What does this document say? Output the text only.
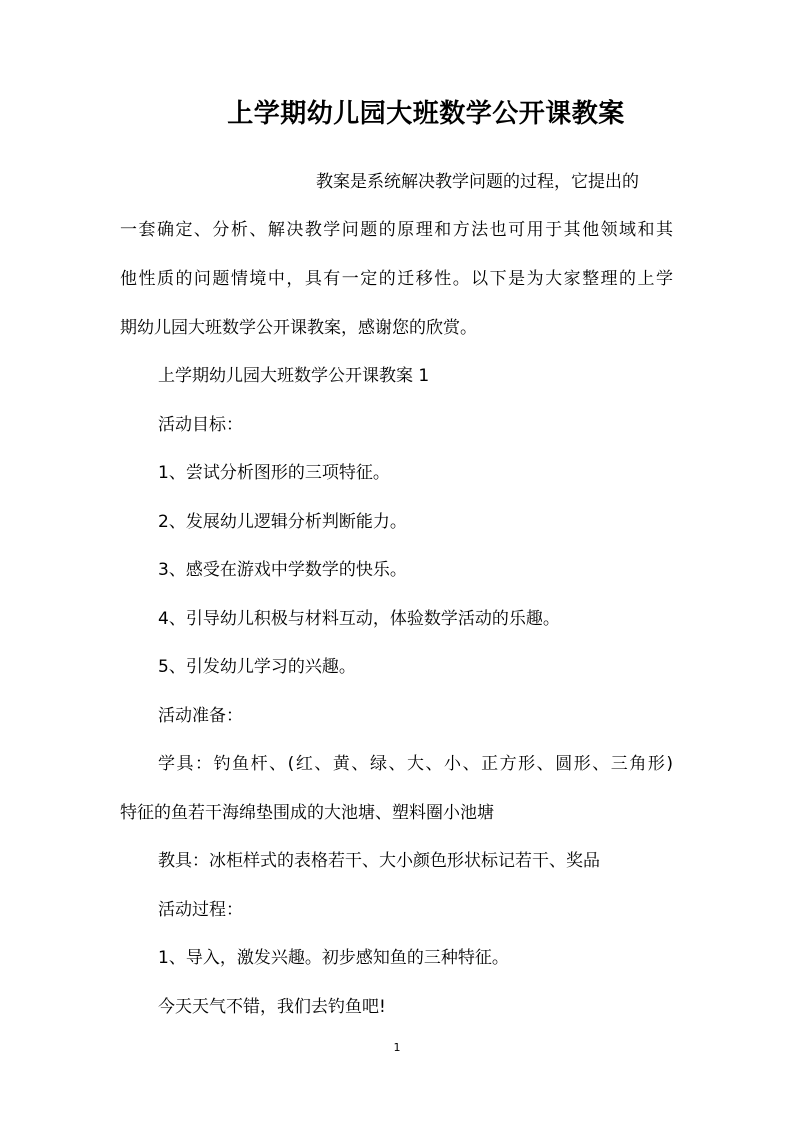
上学期幼儿园大班数学公开课教案
教案是系统解决教学问题的过程，它提出的
一套确定、分析、解决教学问题的原理和方法也可用于其他领域和其
他性质的问题情境中，具有一定的迁移性。以下是为大家整理的上学
期幼儿园大班数学公开课教案，感谢您的欣赏。
上学期幼儿园大班数学公开课教案 1
活动目标：
1、尝试分析图形的三项特征。
2、发展幼儿逻辑分析判断能力。
3、感受在游戏中学数学的快乐。
4、引导幼儿积极与材料互动，体验数学活动的乐趣。
5、引发幼儿学习的兴趣。
活动准备：
学具：钓鱼杆、(红、黄、绿、大、小、正方形、圆形、三角形)
特征的鱼若干海绵垫围成的大池塘、塑料圈小池塘
教具：冰柜样式的表格若干、大小颜色形状标记若干、奖品
活动过程：
1、导入，激发兴趣。初步感知鱼的三种特征。
今天天气不错，我们去钓鱼吧!
1
